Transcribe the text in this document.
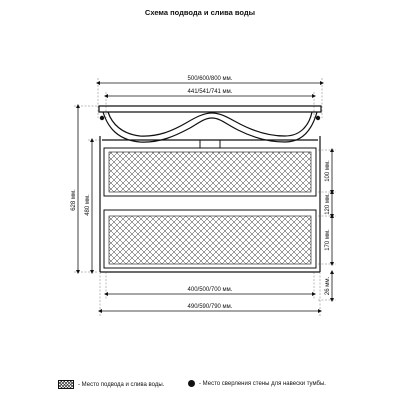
Схема подвода и слива воды
500/600/800 мм.
441/541/741 мм.
628 мм. 480 мм.
100 мм.
120 мм.
170 мм.
26 мм.
400/500/700 мм.
490/590/790 мм.
- Место подвода и слива воды.	- Место сверления стены для навески тумбы.
